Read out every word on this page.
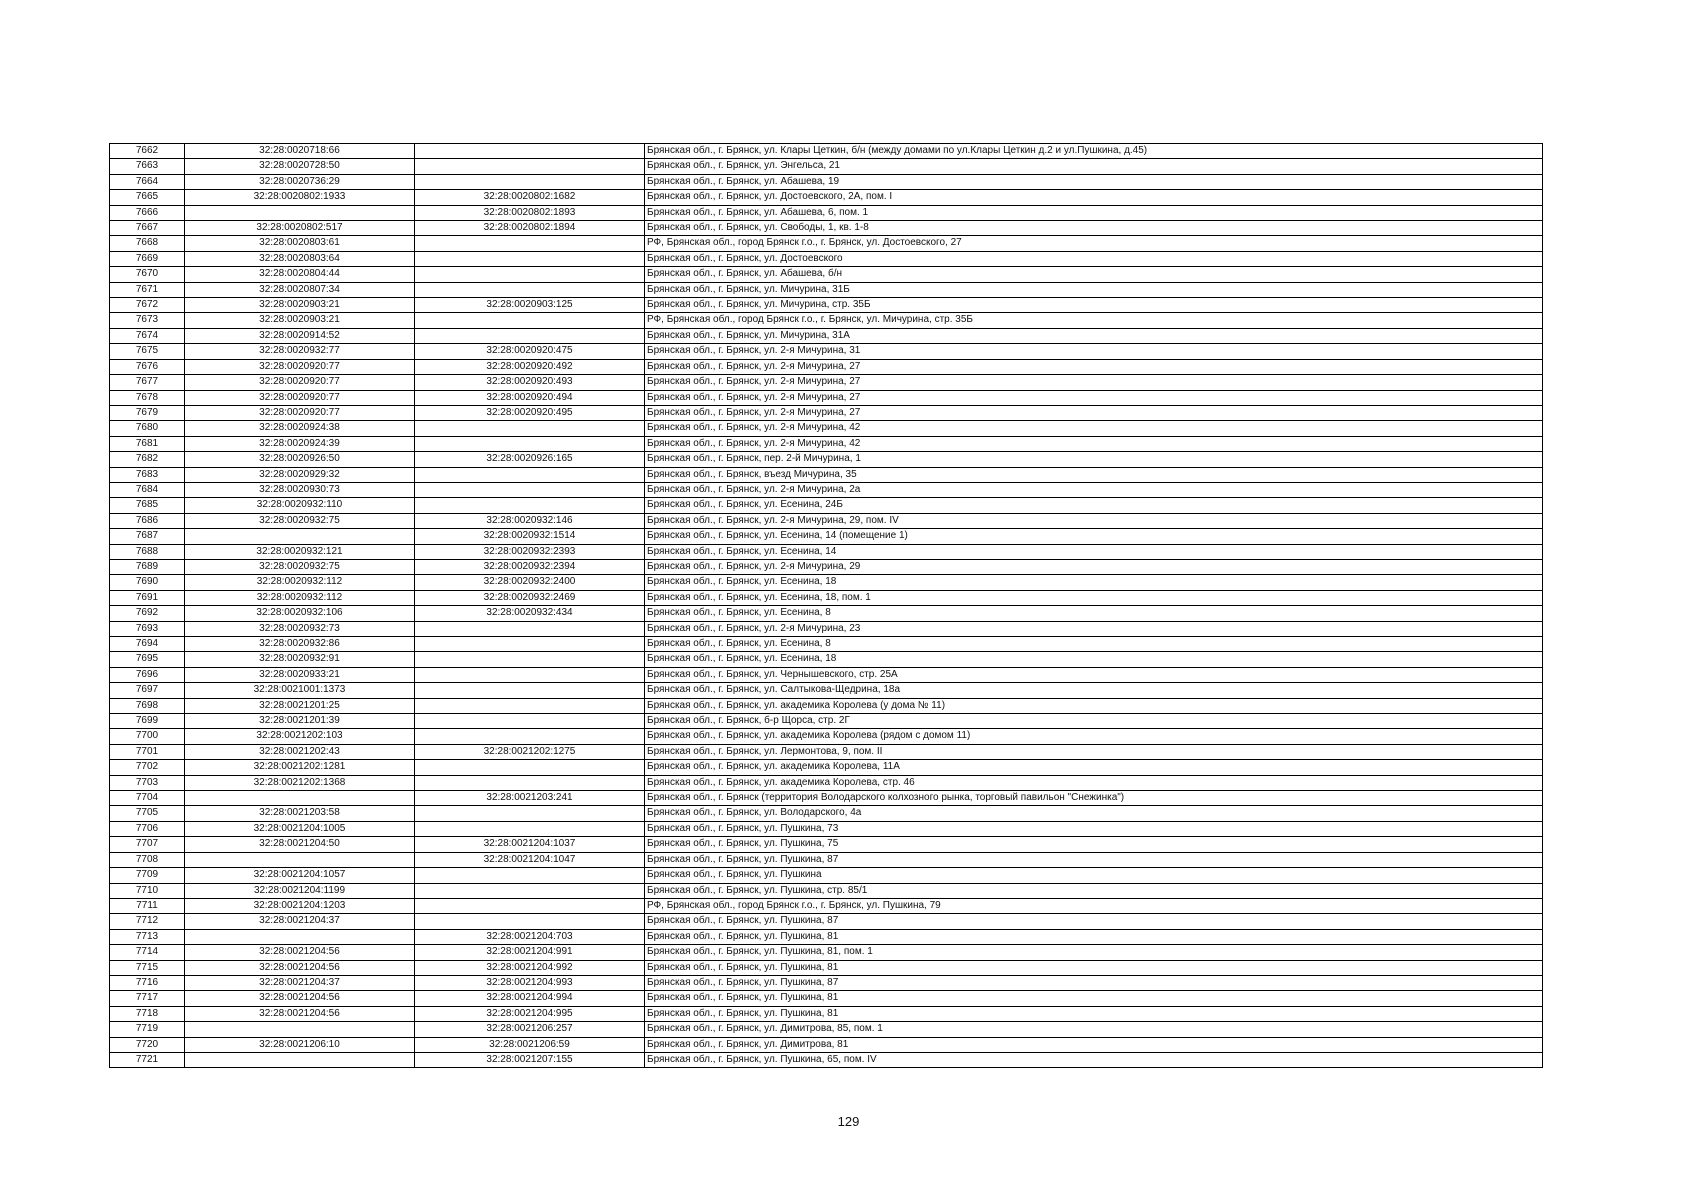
7662	32:28:0020718:66		Брянская обл., г. Брянск, ул. Клары Цеткин, б/н (между домами по ул.Клары Цеткин д.2 и ул.Пушкина, д.45)
7663	32:28:0020728:50		Брянская обл., г. Брянск, ул. Энгельса, 21
7664	32:28:0020736:29		Брянская обл., г. Брянск, ул. Абашева, 19
7665	32:28:0020802:1933	32:28:0020802:1682	Брянская обл., г. Брянск, ул. Достоевского, 2А, пом. I
7666		32:28:0020802:1893	Брянская обл., г. Брянск, ул. Абашева, 6, пом. 1
7667	32:28:0020802:517	32:28:0020802:1894	Брянская обл., г. Брянск, ул. Свободы, 1, кв. 1-8
7668	32:28:0020803:61		РФ, Брянская обл., город Брянск г.о., г. Брянск, ул. Достоевского, 27
7669	32:28:0020803:64		Брянская обл., г. Брянск, ул. Достоевского
7670	32:28:0020804:44		Брянская обл., г. Брянск, ул. Абашева, б/н
7671	32:28:0020807:34		Брянская обл., г. Брянск, ул. Мичурина, 31Б
7672	32:28:0020903:21	32:28:0020903:125	Брянская обл., г. Брянск, ул. Мичурина, стр. 35Б
7673	32:28:0020903:21		РФ, Брянская обл., город Брянск г.о., г. Брянск, ул. Мичурина, стр. 35Б
7674	32:28:0020914:52		Брянская обл., г. Брянск, ул. Мичурина, 31А
7675	32:28:0020932:77	32:28:0020920:475	Брянская обл., г. Брянск, ул. 2-я Мичурина, 31
7676	32:28:0020920:77	32:28:0020920:492	Брянская обл., г. Брянск, ул. 2-я Мичурина, 27
7677	32:28:0020920:77	32:28:0020920:493	Брянская обл., г. Брянск, ул. 2-я Мичурина, 27
7678	32:28:0020920:77	32:28:0020920:494	Брянская обл., г. Брянск, ул. 2-я Мичурина, 27
7679	32:28:0020920:77	32:28:0020920:495	Брянская обл., г. Брянск, ул. 2-я Мичурина, 27
7680	32:28:0020924:38		Брянская обл., г. Брянск, ул. 2-я Мичурина, 42
7681	32:28:0020924:39		Брянская обл., г. Брянск, ул. 2-я Мичурина, 42
7682	32:28:0020926:50	32:28:0020926:165	Брянская обл., г. Брянск, пер. 2-й Мичурина, 1
7683	32:28:0020929:32		Брянская обл., г. Брянск, въезд Мичурина, 35
7684	32:28:0020930:73		Брянская обл., г. Брянск, ул. 2-я Мичурина, 2а
7685	32:28:0020932:110		Брянская обл., г. Брянск, ул. Есенина, 24Б
7686	32:28:0020932:75	32:28:0020932:146	Брянская обл., г. Брянск, ул. 2-я Мичурина, 29, пом. IV
7687		32:28:0020932:1514	Брянская обл., г. Брянск, ул. Есенина, 14 (помещение 1)
7688	32:28:0020932:121	32:28:0020932:2393	Брянская обл., г. Брянск, ул. Есенина, 14
7689	32:28:0020932:75	32:28:0020932:2394	Брянская обл., г. Брянск, ул. 2-я Мичурина, 29
7690	32:28:0020932:112	32:28:0020932:2400	Брянская обл., г. Брянск, ул. Есенина, 18
7691	32:28:0020932:112	32:28:0020932:2469	Брянская обл., г. Брянск, ул. Есенина, 18, пом. 1
7692	32:28:0020932:106	32:28:0020932:434	Брянская обл., г. Брянск, ул. Есенина, 8
7693	32:28:0020932:73		Брянская обл., г. Брянск, ул. 2-я Мичурина, 23
7694	32:28:0020932:86		Брянская обл., г. Брянск, ул. Есенина, 8
7695	32:28:0020932:91		Брянская обл., г. Брянск, ул. Есенина, 18
7696	32:28:0020933:21		Брянская обл., г. Брянск, ул. Чернышевского, стр. 25А
7697	32:28:0021001:1373		Брянская обл., г. Брянск, ул. Салтыкова-Щедрина, 18а
7698	32:28:0021201:25		Брянская обл., г. Брянск, ул. академика Королева (у дома № 11)
7699	32:28:0021201:39		Брянская обл., г. Брянск, б-р Щорса, стр. 2Г
7700	32:28:0021202:103		Брянская обл., г. Брянск, ул. академика Королева (рядом с домом 11)
7701	32:28:0021202:43	32:28:0021202:1275	Брянская обл., г. Брянск, ул. Лермонтова, 9, пом. II
7702	32:28:0021202:1281		Брянская обл., г. Брянск, ул. академика Королева, 11А
7703	32:28:0021202:1368		Брянская обл., г. Брянск, ул. академика Королева, стр. 46
7704		32:28:0021203:241	Брянская обл., г. Брянск (территория Володарского колхозного рынка, торговый павильон "Снежинка")
7705	32:28:0021203:58		Брянская обл., г. Брянск, ул. Володарского, 4а
7706	32:28:0021204:1005		Брянская обл., г. Брянск, ул. Пушкина, 73
7707	32:28:0021204:50	32:28:0021204:1037	Брянская обл., г. Брянск, ул. Пушкина, 75
7708		32:28:0021204:1047	Брянская обл., г. Брянск, ул. Пушкина, 87
7709	32:28:0021204:1057		Брянская обл., г. Брянск, ул. Пушкина
7710	32:28:0021204:1199		Брянская обл., г. Брянск, ул. Пушкина, стр. 85/1
7711	32:28:0021204:1203		РФ, Брянская обл., город Брянск г.о., г. Брянск, ул. Пушкина, 79
7712	32:28:0021204:37		Брянская обл., г. Брянск, ул. Пушкина, 87
7713		32:28:0021204:703	Брянская обл., г. Брянск, ул. Пушкина, 81
7714	32:28:0021204:56	32:28:0021204:991	Брянская обл., г. Брянск, ул. Пушкина, 81, пом. 1
7715	32:28:0021204:56	32:28:0021204:992	Брянская обл., г. Брянск, ул. Пушкина, 81
7716	32:28:0021204:37	32:28:0021204:993	Брянская обл., г. Брянск, ул. Пушкина, 87
7717	32:28:0021204:56	32:28:0021204:994	Брянская обл., г. Брянск, ул. Пушкина, 81
7718	32:28:0021204:56	32:28:0021204:995	Брянская обл., г. Брянск, ул. Пушкина, 81
7719		32:28:0021206:257	Брянская обл., г. Брянск, ул. Димитрова, 85, пом. 1
7720	32:28:0021206:10	32:28:0021206:59	Брянская обл., г. Брянск, ул. Димитрова, 81
7721		32:28:0021207:155	Брянская обл., г. Брянск, ул. Пушкина, 65, пом. IV
129
